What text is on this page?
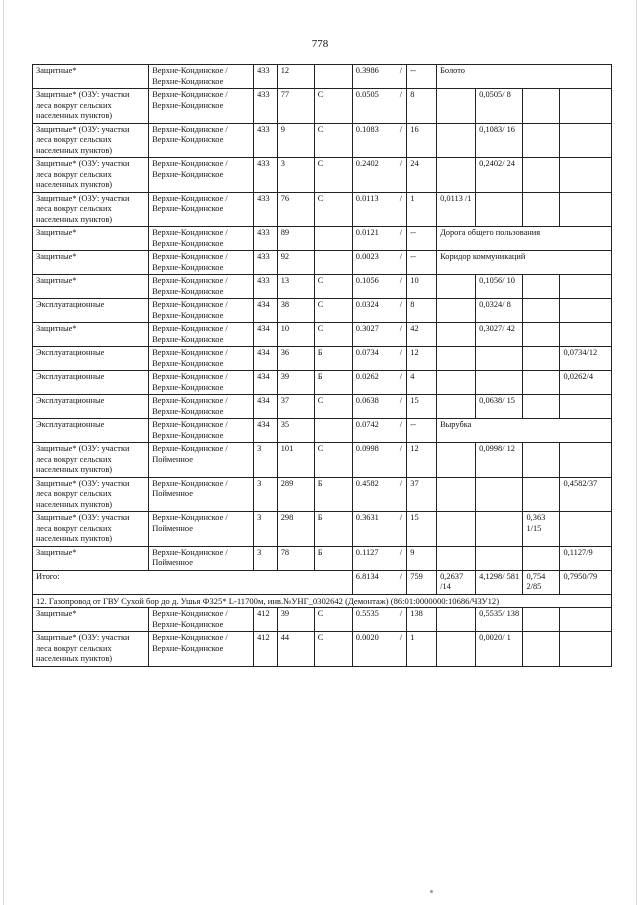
778
Защитные*	Верхне-Кондинское / Верхне-Кондинское	433	12		0.3986	/	--	Болото			
Защитные* (ОЗУ: участки леса вокруг сельских населенных пунктов)	Верхне-Кондинское / Верхне-Кондинское	433	77	С	0.0505	/	8		0,0505/ 8		
Защитные* (ОЗУ: участки леса вокруг сельских населенных пунктов)	Верхне-Кондинское / Верхне-Кондинское	433	9	С	0.1083	/	16		0,1083/ 16		
Защитные* (ОЗУ: участки леса вокруг сельских населенных пунктов)	Верхне-Кондинское / Верхне-Кондинское	433	3	С	0.2402	/	24		0,2402/ 24		
Защитные* (ОЗУ: участки леса вокруг сельских населенных пунктов)	Верхне-Кондинское / Верхне-Кондинское	433	76	С	0.0113	/	1	0,0113 /1			
Защитные*	Верхне-Кондинское / Верхне-Кондинское	433	89		0.0121	/	--	Дорога общего пользования			
Защитные*	Верхне-Кондинское / Верхне-Кондинское	433	92		0.0023	/	--	Коридор коммуникаций			
Защитные*	Верхне-Кондинское / Верхне-Кондинское	433	13	С	0.1056	/	10		0,1056/ 10		
Эксплуатационные	Верхне-Кондинское / Верхне-Кондинское	434	38	С	0.0324	/	8		0,0324/ 8		
Защитные*	Верхне-Кондинское / Верхне-Кондинское	434	10	С	0.3027	/	42		0,3027/ 42		
Эксплуатационные	Верхне-Кондинское / Верхне-Кондинское	434	36	Б	0.0734	/	12				0,0734/12
Эксплуатационные	Верхне-Кондинское / Верхне-Кондинское	434	39	Б	0.0262	/	4				0,0262/4
Эксплуатационные	Верхне-Кондинское / Верхне-Кондинское	434	37	С	0.0638	/	15		0,0638/ 15		
Эксплуатационные	Верхне-Кондинское / Верхне-Кондинское	434	35		0.0742	/	--	Вырубка			
Защитные* (ОЗУ: участки леса вокруг сельских населенных пунктов)	Верхне-Кондинское / Пойменное	3	101	С	0.0998	/	12		0,0998/ 12		
Защитные* (ОЗУ: участки леса вокруг сельских населенных пунктов)	Верхне-Кондинское / Пойменное	3	289	Б	0.4582	/	37				0,4582/37
Защитные* (ОЗУ: участки леса вокруг сельских населенных пунктов)	Верхне-Кондинское / Пойменное	3	298	Б	0.3631	/	15			0,363 1/15	
Защитные*	Верхне-Кондинское / Пойменное	3	78	Б	0.1127	/	9				0,1127/9
Итого:					6.8134	/	759	0,2637 /14	4,1298/ 581	0,754 2/85	0,7950/79
12. Газопровод от ГВУ Сухой бор до д. Ушья Ф325* L-11700м, инв.№УНГ_0302642 (Демонтаж) (86:01:0000000:10686/ЧЗУ12)											
Защитные*	Верхне-Кондинское / Верхне-Кондинское	412	39	С	0.5535	/	138		0,5535/ 138		
Защитные* (ОЗУ: участки леса вокруг сельских населенных пунктов)	Верхне-Кондинское / Верхне-Кондинское	412	44	С	0.0020	/	1		0,0020/ 1		
